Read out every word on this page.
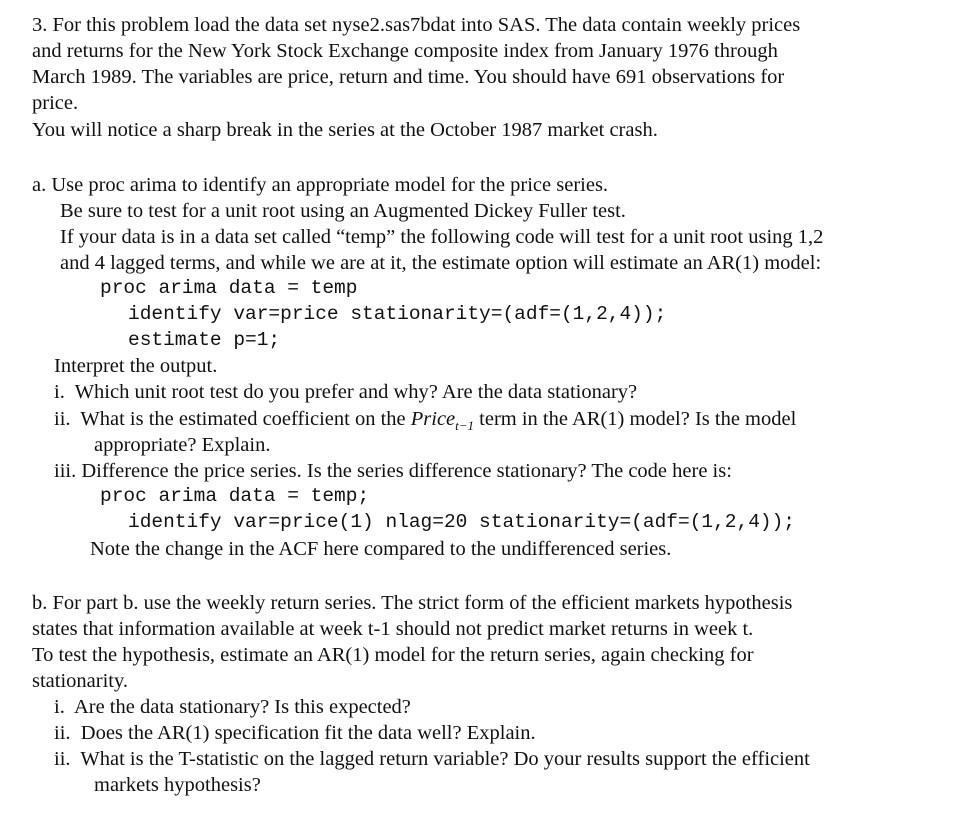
3. For this problem load the data set nyse2.sas7bdat into SAS. The data contain weekly prices
and returns for the New York Stock Exchange composite index from January 1976 through
March 1989. The variables are price, return and time. You should have 691 observations for
price.
You will notice a sharp break in the series at the October 1987 market crash.
a. Use proc arima to identify an appropriate model for the price series.
Be sure to test for a unit root using an Augmented Dickey Fuller test.
If your data is in a data set called “temp” the following code will test for a unit root using 1,2
and 4 lagged terms, and while we are at it, the estimate option will estimate an AR(1) model:
proc arima data = temp
identify var=price stationarity=(adf=(1,2,4));
estimate p=1;
Interpret the output.
i.  Which unit root test do you prefer and why? Are the data stationary?
ii.  What is the estimated coefficient on the Price$_{t-1}$ term in the AR(1) model? Is the model
appropriate? Explain.
iii. Difference the price series. Is the series difference stationary? The code here is:
proc arima data = temp;
identify var=price(1) nlag=20 stationarity=(adf=(1,2,4));
Note the change in the ACF here compared to the undifferenced series.
b. For part b. use the weekly return series. The strict form of the efficient markets hypothesis
states that information available at week t-1 should not predict market returns in week t.
To test the hypothesis, estimate an AR(1) model for the return series, again checking for
stationarity.
i.  Are the data stationary? Is this expected?
ii.  Does the AR(1) specification fit the data well? Explain.
ii.  What is the T-statistic on the lagged return variable? Do your results support the efficient
markets hypothesis?
